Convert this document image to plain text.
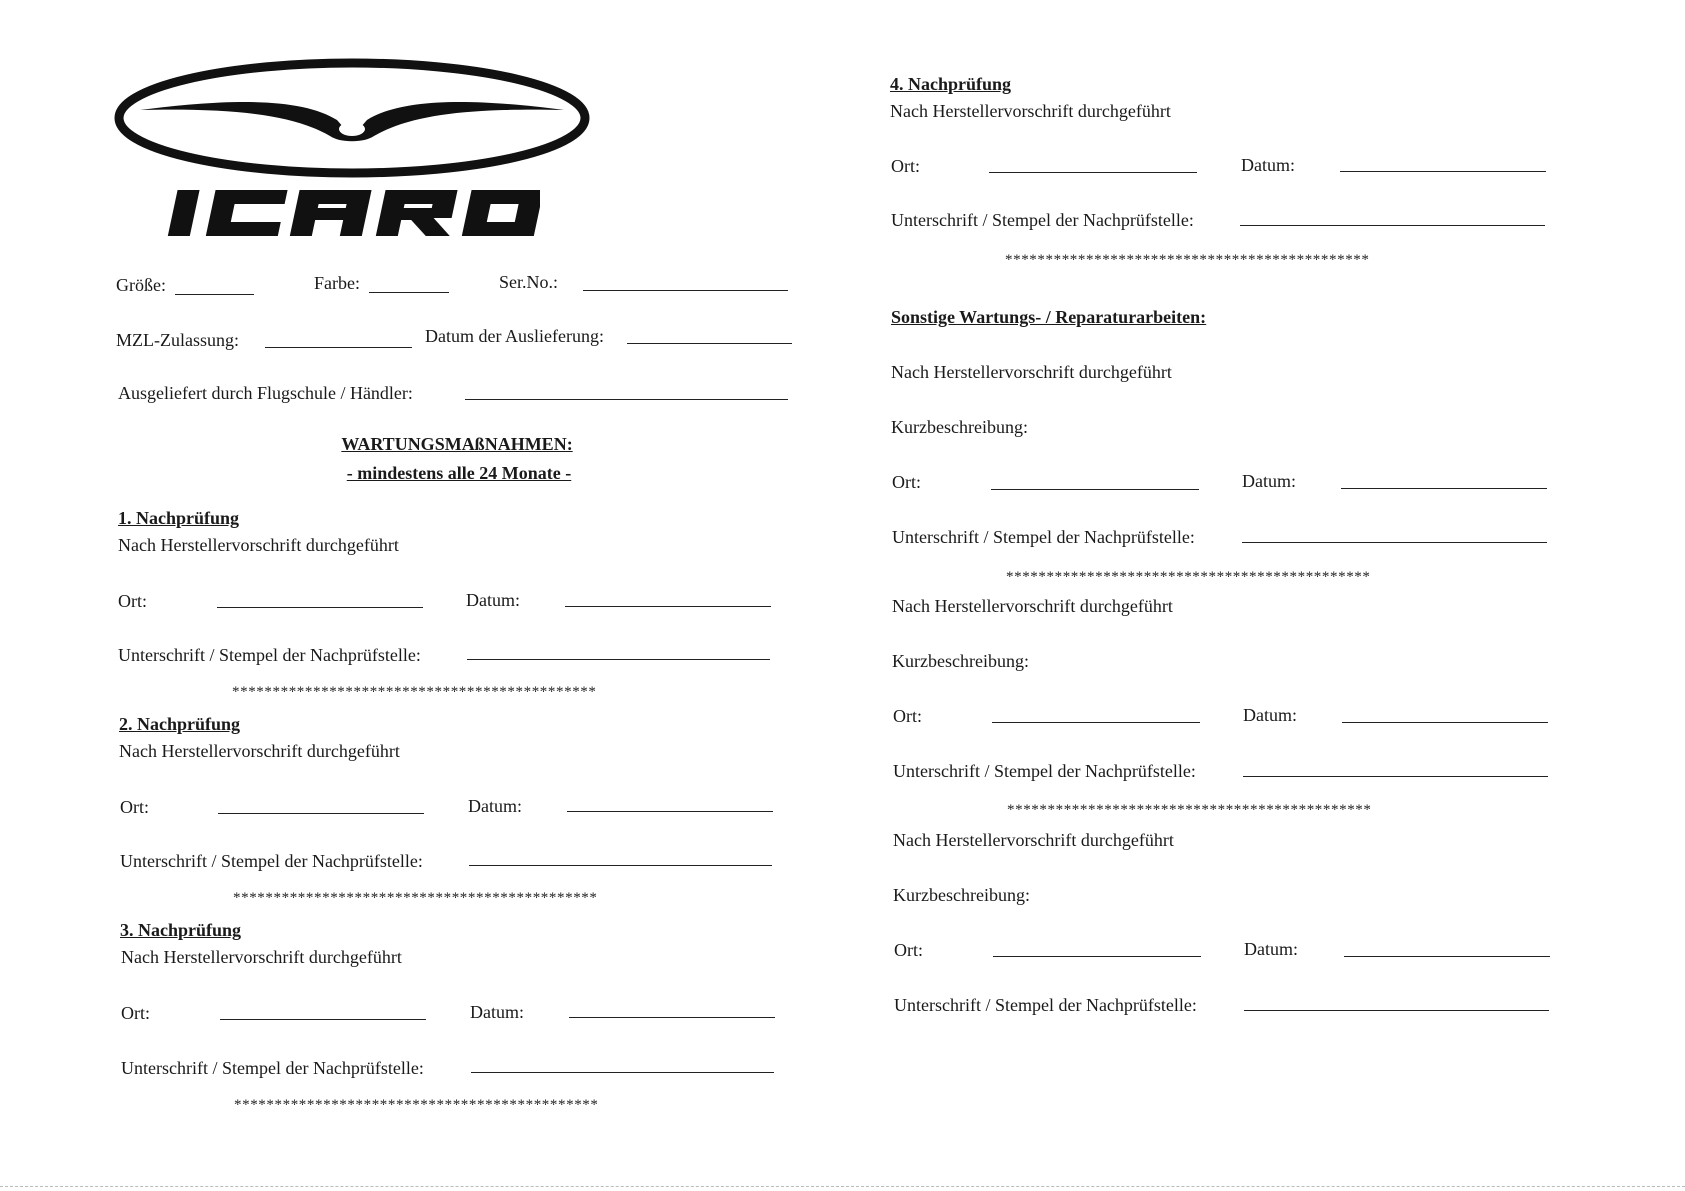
Größe:	Farbe:	Ser.No.:
MZL-Zulassung:	Datum der Auslieferung:
Ausgeliefert durch Flugschule / Händler:
WARTUNGSMAßNAHMEN:
- mindestens alle 24 Monate -
1. Nachprüfung
Nach Herstellervorschrift durchgeführt
Ort:	Datum:
Unterschrift / Stempel der Nachprüfstelle:
*********************************************
2. Nachprüfung
Nach Herstellervorschrift durchgeführt
Ort:	Datum:
Unterschrift / Stempel der Nachprüfstelle:
*********************************************
3. Nachprüfung
Nach Herstellervorschrift durchgeführt
Ort:	Datum:
Unterschrift / Stempel der Nachprüfstelle:
*********************************************
4. Nachprüfung
Nach Herstellervorschrift durchgeführt
Ort:	Datum:
Unterschrift / Stempel der Nachprüfstelle:
*********************************************
Sonstige Wartungs- / Reparaturarbeiten:
Nach Herstellervorschrift durchgeführt
Kurzbeschreibung:
Ort:	Datum:
Unterschrift / Stempel der Nachprüfstelle:
*********************************************
Nach Herstellervorschrift durchgeführt
Kurzbeschreibung:
Ort:	Datum:
Unterschrift / Stempel der Nachprüfstelle:
*********************************************
Nach Herstellervorschrift durchgeführt
Kurzbeschreibung:
Ort:	Datum:
Unterschrift / Stempel der Nachprüfstelle:
